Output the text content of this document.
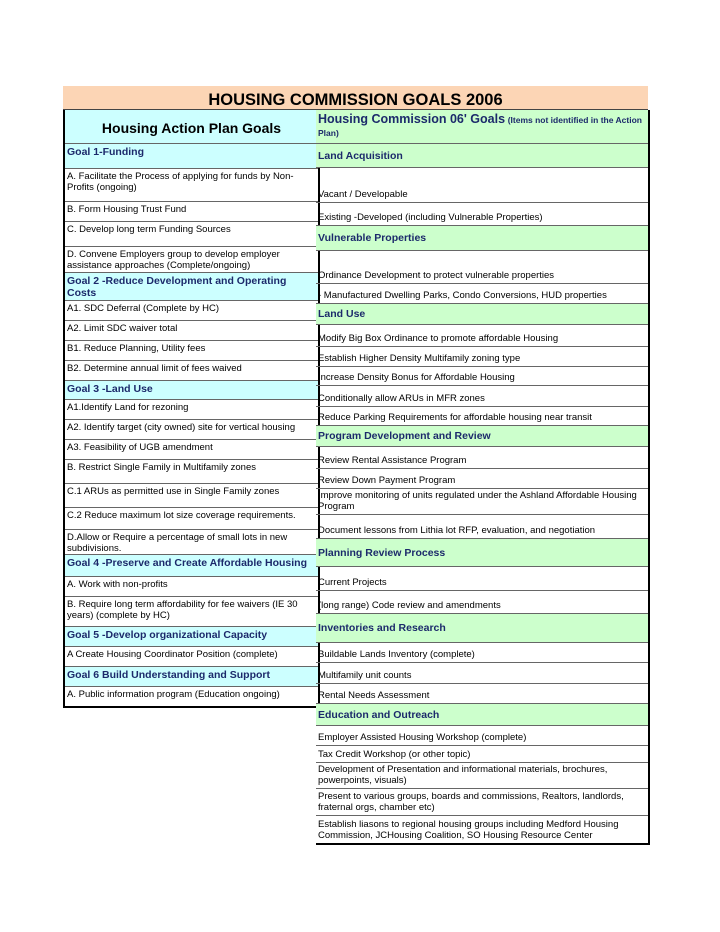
HOUSING COMMISSION GOALS 2006
Housing Action Plan Goals
Goal 1-Funding
A. Facilitate the Process of applying for funds by Non-Profits (ongoing)
B. Form Housing Trust Fund
C. Develop long term Funding Sources
D. Convene Employers group to develop employer assistance approaches (Complete/ongoing)
Goal 2 -Reduce Development and Operating Costs
A1. SDC Deferral (Complete by HC)
A2. Limit SDC waiver total
B1. Reduce Planning, Utility fees
B2. Determine annual limit of fees waived
Goal 3 -Land Use
A1.Identify Land for rezoning
A2. Identify target (city owned) site for vertical housing
A3. Feasibility of UGB amendment
B. Restrict Single Family in Multifamily zones
C.1 ARUs as permitted use in Single Family zones
C.2 Reduce maximum lot size coverage requirements.
D.Allow or Require a percentage of small lots in new subdivisions.
Goal 4 -Preserve and Create Affordable Housing
A. Work with non-profits
B. Require long term affordability for fee waivers (IE 30 years) (complete by HC)
Goal 5 -Develop organizational Capacity
A Create Housing Coordinator Position (complete)
Goal 6 Build Understanding and Support
A. Public information program (Education ongoing)
Housing Commission 06' Goals (Items not identified in the Action Plan)
Land Acquisition
Vacant / Developable
Existing -Developed (including Vulnerable Properties)
Vulnerable Properties
Ordinance Development to protect vulnerable properties
- Manufactured Dwelling Parks, Condo Conversions, HUD properties
Land Use
Modify Big Box Ordinance to promote affordable Housing
Establish Higher Density Multifamily zoning type
Increase Density Bonus for Affordable Housing
Conditionally allow ARUs in MFR zones
Reduce Parking Requirements for affordable housing near transit
Program Development and Review
Review Rental Assistance Program
Review Down Payment Program
Improve monitoring of units regulated under the Ashland Affordable Housing Program
Document lessons from Lithia lot RFP, evaluation, and negotiation
Planning Review Process
Current Projects
(long range) Code review and amendments
Inventories and Research
Buildable Lands Inventory (complete)
Multifamily unit counts
Rental Needs Assessment
Education and Outreach
Employer Assisted Housing Workshop (complete)
Tax Credit Workshop (or other topic)
Development of Presentation and informational materials, brochures, powerpoints, visuals)
Present to various groups, boards and commissions, Realtors, landlords, fraternal orgs, chamber etc)
Establish liasons to regional housing groups including Medford Housing Commission, JCHousing Coalition, SO Housing Resource Center
